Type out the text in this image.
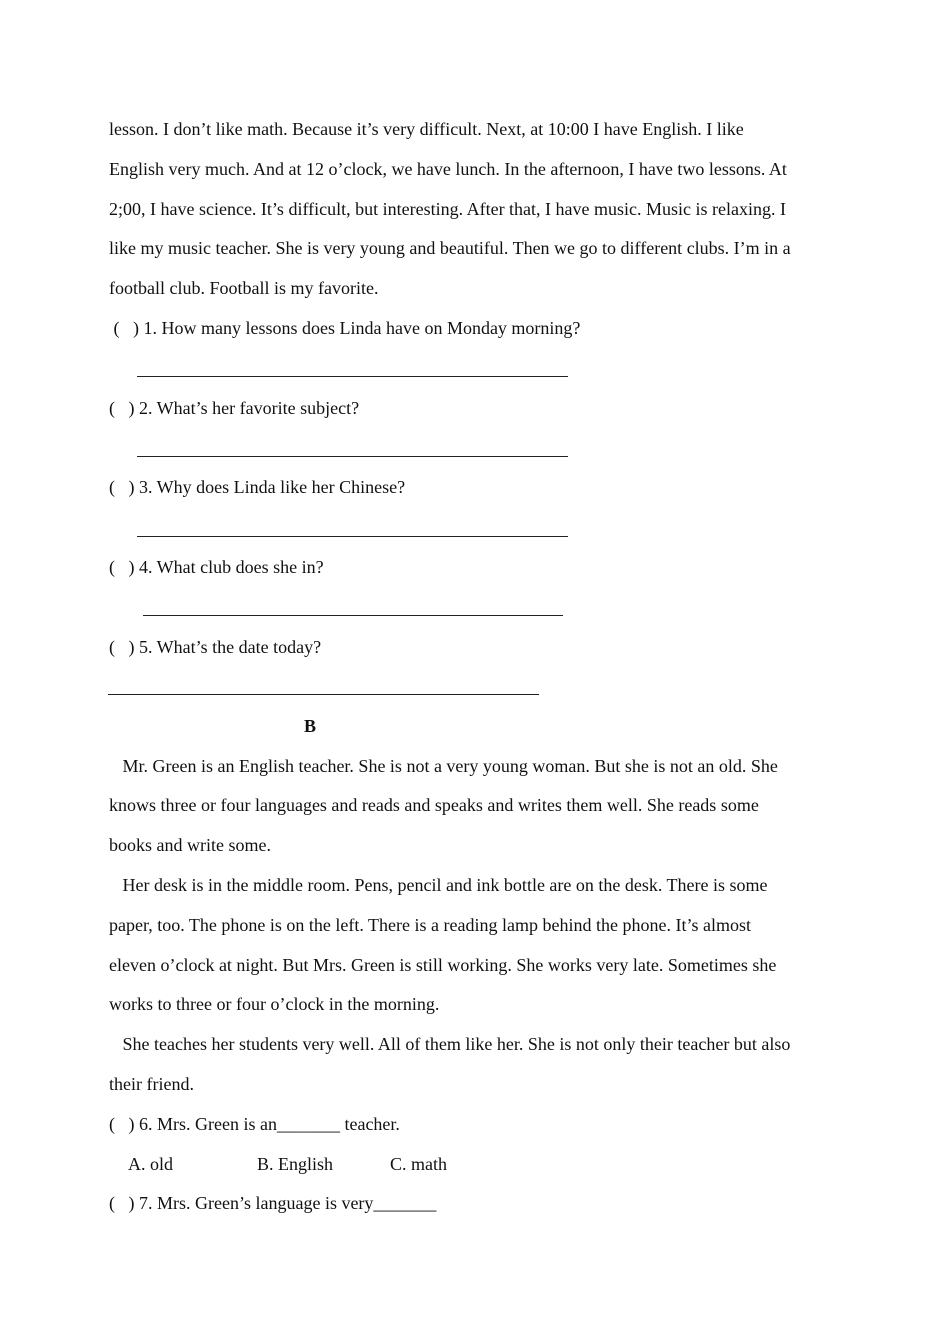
lesson. I don’t like math. Because it’s very difficult. Next, at 10:00 I have English. I like
English very much. And at 12 o’clock, we have lunch. In the afternoon, I have two lessons. At
2;00, I have science. It’s difficult, but interesting. After that, I have music. Music is relaxing. I
like my music teacher. She is very young and beautiful. Then we go to different clubs. I’m in a
football club. Football is my favorite.
(   ) 1. How many lessons does Linda have on Monday morning?
(   ) 2. What’s her favorite subject?
(   ) 3. Why does Linda like her Chinese?
(   ) 4. What club does she in?
(   ) 5. What’s the date today?
B
Mr. Green is an English teacher. She is not a very young woman. But she is not an old. She
knows three or four languages and reads and speaks and writes them well. She reads some
books and write some.
Her desk is in the middle room. Pens, pencil and ink bottle are on the desk. There is some
paper, too. The phone is on the left. There is a reading lamp behind the phone. It’s almost
eleven o’clock at night. But Mrs. Green is still working. She works very late. Sometimes she
works to three or four o’clock in the morning.
She teaches her students very well. All of them like her. She is not only their teacher but also
their friend.
(   ) 6. Mrs. Green is an_______ teacher.
A. old	B. English	C. math
(   ) 7. Mrs. Green’s language is very_______
